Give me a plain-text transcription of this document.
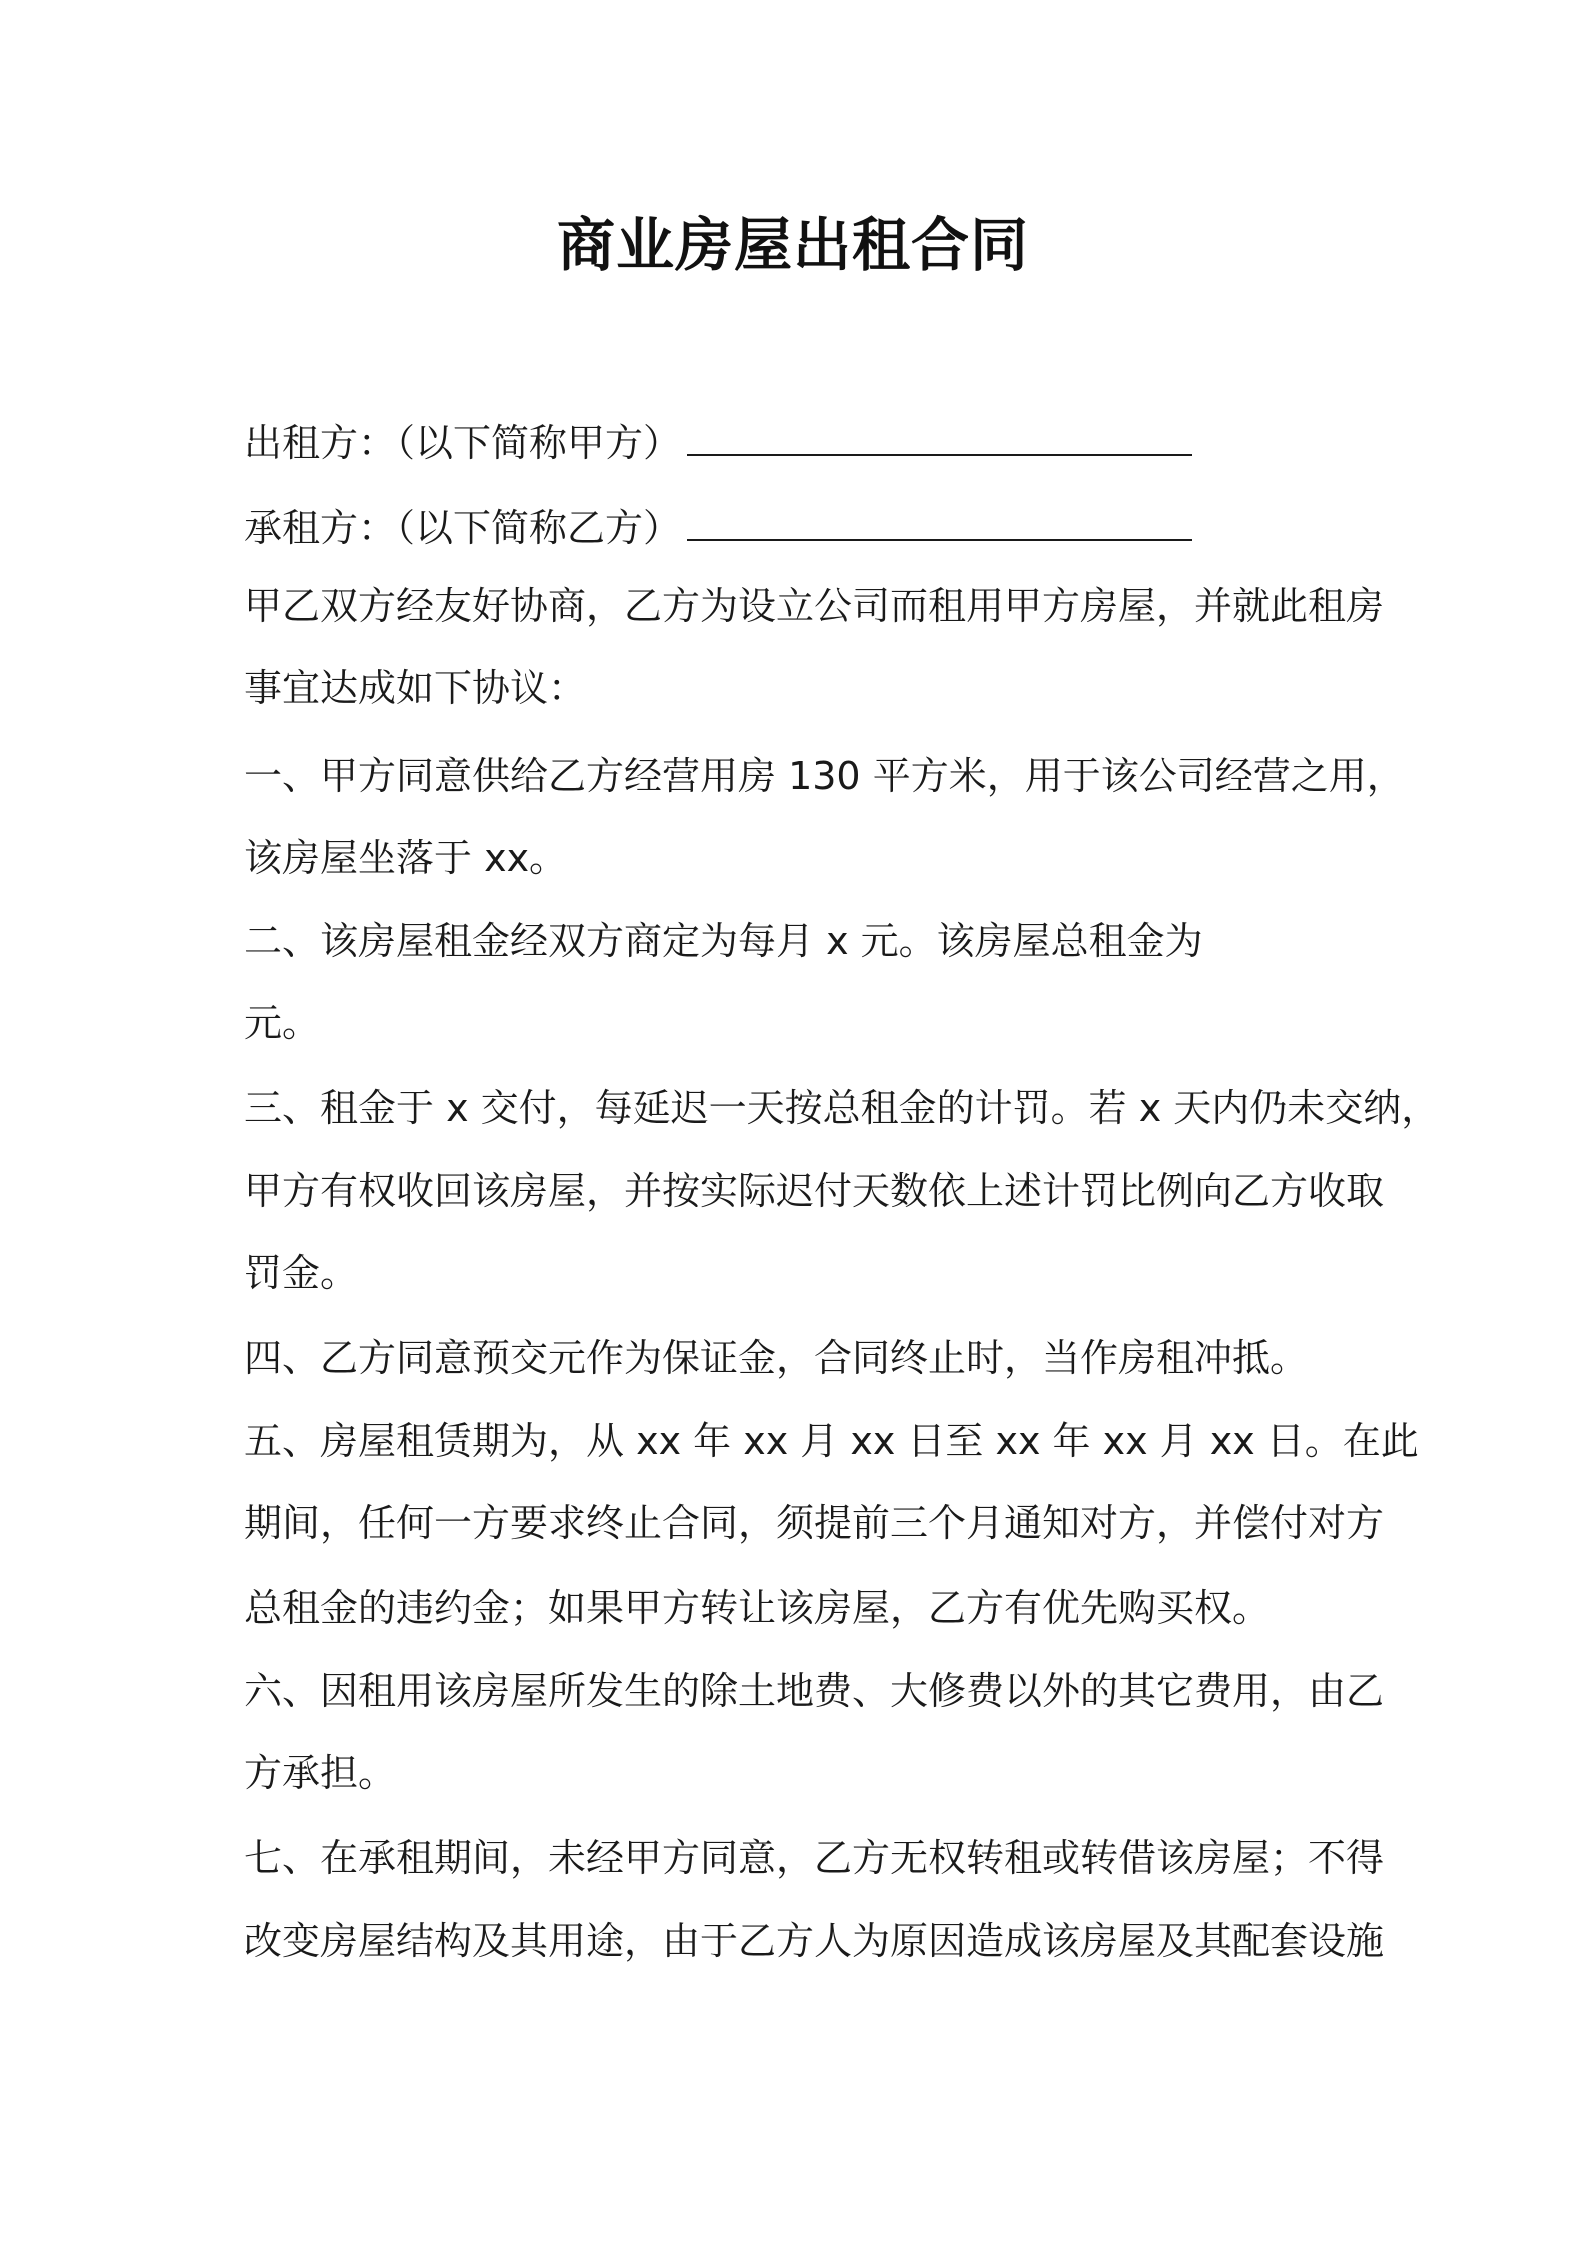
商业房屋出租合同
出租方：（以下简称甲方）
承租方：（以下简称乙方）
甲乙双方经友好协商，乙方为设立公司而租用甲方房屋，并就此租房
事宜达成如下协议：
一、甲方同意供给乙方经营用房 130 平方米，用于该公司经营之用，
该房屋坐落于 xx。
二、该房屋租金经双方商定为每月 x 元。该房屋总租金为
元。
三、租金于 x 交付，每延迟一天按总租金的计罚。若 x 天内仍未交纳，
甲方有权收回该房屋，并按实际迟付天数依上述计罚比例向乙方收取
罚金。
四、乙方同意预交元作为保证金，合同终止时，当作房租冲抵。
五、房屋租赁期为，从 xx 年 xx 月 xx 日至 xx 年 xx 月 xx 日。在此
期间，任何一方要求终止合同，须提前三个月通知对方，并偿付对方
总租金的违约金；如果甲方转让该房屋，乙方有优先购买权。
六、因租用该房屋所发生的除土地费、大修费以外的其它费用，由乙
方承担。
七、在承租期间，未经甲方同意，乙方无权转租或转借该房屋；不得
改变房屋结构及其用途，由于乙方人为原因造成该房屋及其配套设施
